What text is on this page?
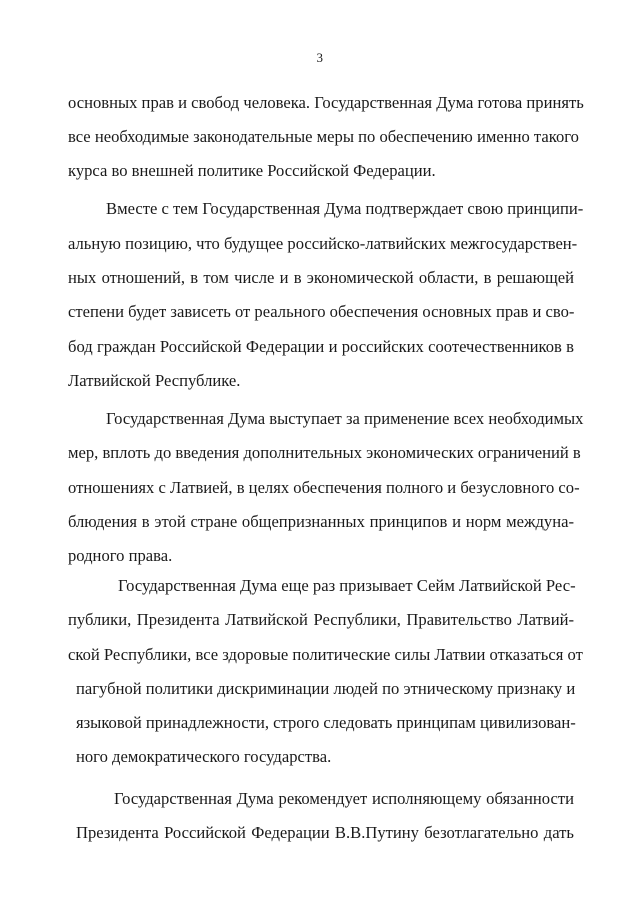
3
основных прав и свобод человека. Государственная Дума готова принять
все необходимые законодательные меры по обеспечению именно такого
курса во внешней политике Российской Федерации.
Вместе с тем Государственная Дума подтверждает свою принципи-
альную позицию, что будущее российско-латвийских межгосударствен-
ных отношений, в том числе и в экономической области, в решающей
степени будет зависеть от реального обеспечения основных прав и сво-
бод граждан Российской Федерации и российских соотечественников в
Латвийской Республике.
Государственная Дума выступает за применение всех необходимых
мер, вплоть до введения дополнительных экономических ограничений в
отношениях с Латвией, в целях обеспечения полного и безусловного со-
блюдения в этой стране общепризнанных принципов и норм междуна-
родного права.
Государственная Дума еще раз призывает Сейм Латвийской Рес-
публики, Президента Латвийской Республики, Правительство Латвий-
ской Республики, все здоровые политические силы Латвии отказаться от
пагубной политики дискриминации людей по этническому признаку и
языковой принадлежности, строго следовать принципам цивилизован-
ного демократического государства.
Государственная Дума рекомендует исполняющему обязанности
Президента Российской Федерации В.В.Путину безотлагательно дать
